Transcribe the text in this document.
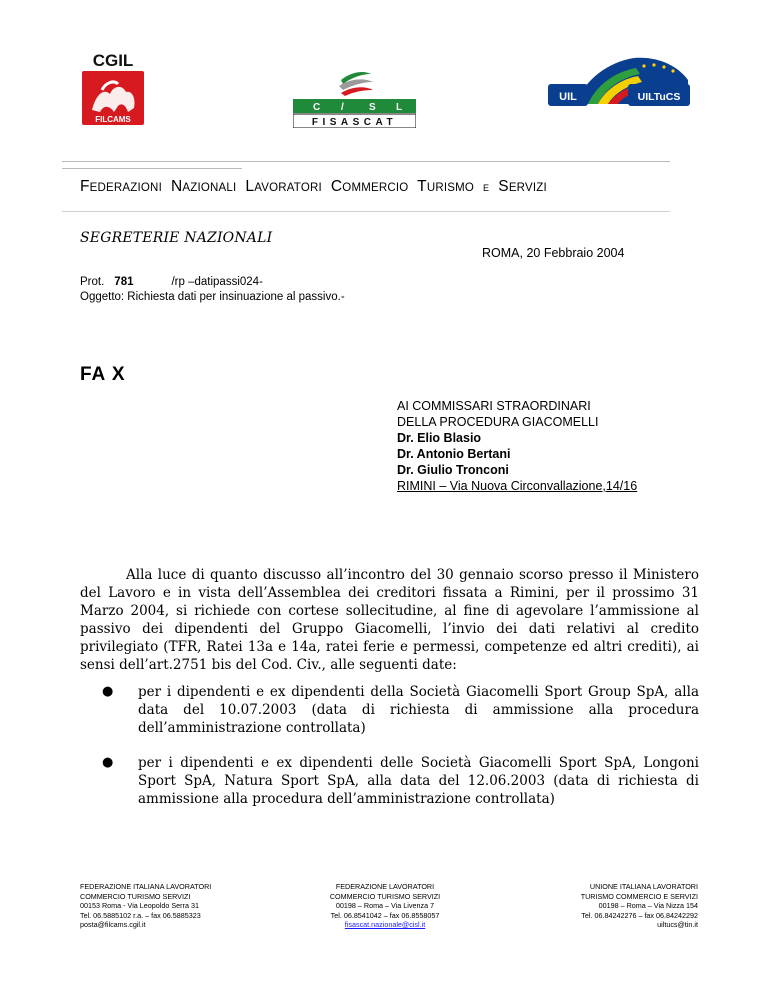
CGIL
FILCAMS
C /	S L
FISASCAT
UIL	UILTuCS
FEDERAZIONI NAZIONALI LAVORATORI COMMERCIO TURISMO E SERVIZI
SEGRETERIE NAZIONALI
ROMA, 20 Febbraio 2004
Prot. 781	/rp –datipassi024-
Oggetto: Richiesta dati per insinuazione al passivo.-
FA X
AI COMMISSARI STRAORDINARI
DELLA PROCEDURA GIACOMELLI
Dr. Elio Blasio
Dr. Antonio Bertani
Dr. Giulio Tronconi
RIMINI – Via Nuova Circonvallazione,14/16

Alla luce di quanto discusso all’incontro del 30 gennaio scorso presso il Ministero del Lavoro e in vista dell’Assemblea dei creditori fissata a Rimini, per il prossimo 31 Marzo 2004, si richiede con cortese sollecitudine, al fine di agevolare l’ammissione al passivo dei dipendenti del Gruppo Giacomelli, l’invio dei dati relativi al credito privilegiato (TFR, Ratei 13a e 14a, ratei ferie e permessi, competenze ed altri crediti), ai sensi dell’art.2751 bis del Cod. Civ., alle seguenti date:

● per i dipendenti e ex dipendenti della Società Giacomelli Sport Group SpA, alla data del 10.07.2003 (data di richiesta di ammissione alla procedura dell’amministrazione controllata)
● per i dipendenti e ex dipendenti delle Società Giacomelli Sport SpA, Longoni Sport SpA, Natura Sport SpA, alla data del 12.06.2003 (data di richiesta di ammissione alla procedura dell’amministrazione controllata)
FEDERAZIONE ITALIANA LAVORATORI
COMMERCIO TURISMO SERVIZI
00153 Roma - Via Leopoldo Serra 31
Tel. 06.5885102 r.a. – fax 06.5885323
posta@filcams.cgil.it
FEDERAZIONE LAVORATORI
COMMERCIO TURISMO SERVIZI
00198 – Roma – Via Livenza 7
Tel. 06.8541042 – fax 06.8558057
fisascat.nazionale@cisl.it
UNIONE ITALIANA LAVORATORI
TURISMO COMMERCIO E SERVIZI
00198 – Roma – Via Nizza 154
Tel. 06.84242276 – fax 06.84242292
uiltucs@tin.it
